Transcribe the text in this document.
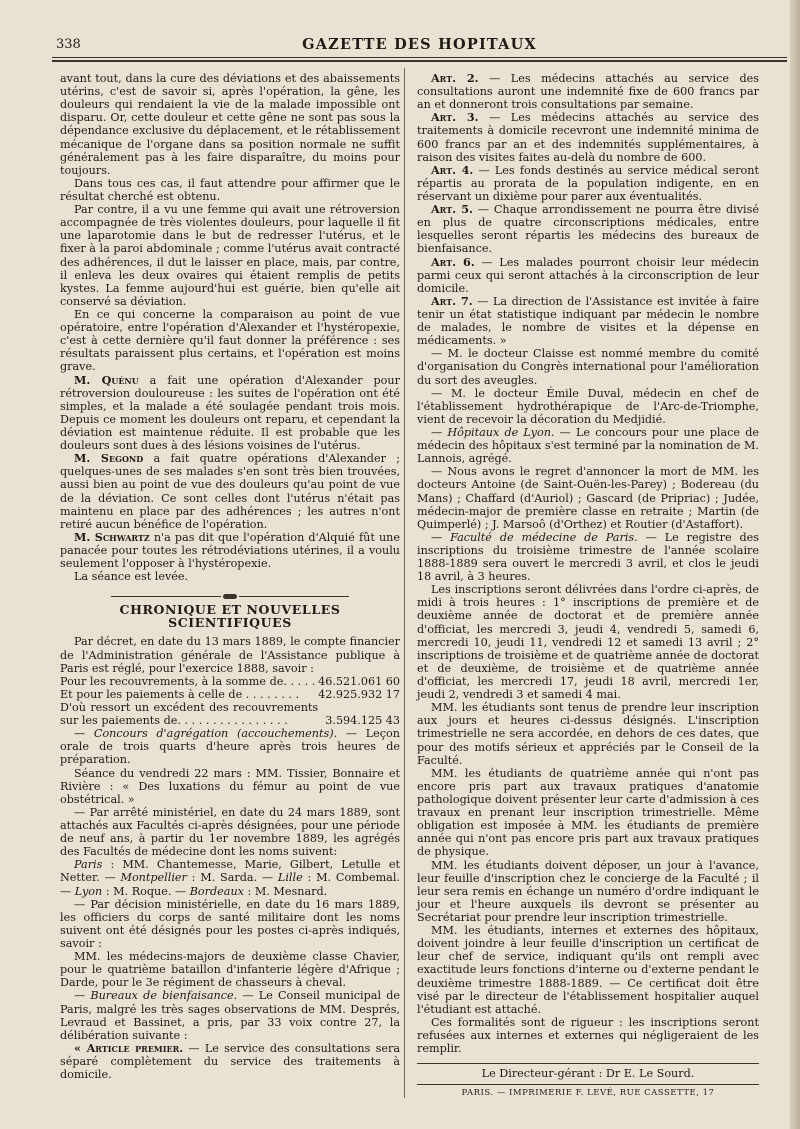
338	GAZETTE DES HOPITAUX

avant tout, dans la cure des déviations et des abaissements utérins, c'est de savoir si, après l'opération, la gêne, les douleurs qui rendaient la vie de la malade impossible ont disparu. Or, cette douleur et cette gêne ne sont pas sous la dépendance exclusive du déplacement, et le rétablissement mécanique de l'organe dans sa position normale ne suffit généralement pas à les faire disparaître, du moins pour toujours.

Dans tous ces cas, il faut attendre pour affirmer que le résultat cherché est obtenu.

Par contre, il a vu une femme qui avait une rétroversion accompagnée de très violentes douleurs, pour laquelle il fit une laparotomie dans le but de redresser l'utérus, et le fixer à la paroi abdominale ; comme l'utérus avait contracté des adhérences, il dut le laisser en place, mais, par contre, il enleva les deux ovaires qui étaient remplis de petits kystes. La femme aujourd'hui est guérie, bien qu'elle ait conservé sa déviation.

En ce qui concerne la comparaison au point de vue opératoire, entre l'opération d'Alexander et l'hystéropexie, c'est à cette dernière qu'il faut donner la préférence : ses résultats paraissent plus certains, et l'opération est moins grave.

M. Quénu a fait une opération d'Alexander pour rétroversion douloureuse : les suites de l'opération ont été simples, et la malade a été soulagée pendant trois mois. Depuis ce moment les douleurs ont reparu, et cependant la déviation est maintenue réduite. Il est probable que les douleurs sont dues à des lésions voisines de l'utérus.

M. Segond a fait quatre opérations d'Alexander ; quelques-unes de ses malades s'en sont très bien trouvées, aussi bien au point de vue des douleurs qu'au point de vue de la déviation. Ce sont celles dont l'utérus n'était pas maintenu en place par des adhérences ; les autres n'ont retiré aucun bénéfice de l'opération.

M. Schwartz n'a pas dit que l'opération d'Alquié fût une panacée pour toutes les rétrodéviations utérines, il a voulu seulement l'opposer à l'hystéropexie.

La séance est levée.

CHRONIQUE ET NOUVELLES SCIENTIFIQUES

Par décret, en date du 13 mars 1889, le compte financier de l'Administration générale de l'Assistance publique à Paris est réglé, pour l'exercice 1888, savoir :

Pour les recouvrements, à la somme de. . . . .	46.521.061 60
Et pour les paiements à celle de . . . . . . . .	42.925.932 17
D'où ressort un excédent des recouvrements sur les paiements de. . . . . . . . . . . . . . . .	3.594.125 43

— Concours d'agrégation (accouchements). — Leçon orale de trois quarts d'heure après trois heures de préparation.

Séance du vendredi 22 mars : MM. Tissier, Bonnaire et Rivière : « Des luxations du fémur au point de vue obstétrical. »

— Par arrêté ministériel, en date du 24 mars 1889, sont attachés aux Facultés ci-après désignées, pour une période de neuf ans, à partir du 1er novembre 1889, les agrégés des Facultés de médecine dont les noms suivent:

Paris : MM. Chantemesse, Marie, Gilbert, Letulle et Netter. — Montpellier : M. Sarda. — Lille : M. Combemal. — Lyon : M. Roque. — Bordeaux : M. Mesnard.

— Par décision ministérielle, en date du 16 mars 1889, les officiers du corps de santé militaire dont les noms suivent ont été désignés pour les postes ci-après indiqués, savoir :

MM. les médecins-majors de deuxième classe Chavier, pour le quatrième bataillon d'infanterie légère d'Afrique ; Darde, pour le 3e régiment de chasseurs à cheval.

— Bureaux de bienfaisance. — Le Conseil municipal de Paris, malgré les très sages observations de MM. Després, Levraud et Bassinet, a pris, par 33 voix contre 27, la délibération suivante :

« Article premier. — Le service des consultations sera séparé complètement du service des traitements à domicile.

Art. 2. — Les médecins attachés au service des consultations auront une indemnité fixe de 600 francs par an et donneront trois consultations par semaine.

Art. 3. — Les médecins attachés au service des traitements à domicile recevront une indemnité minima de 600 francs par an et des indemnités supplémentaires, à raison des visites faites au-delà du nombre de 600.

Art. 4. — Les fonds destinés au service médical seront répartis au prorata de la population indigente, en en réservant un dixième pour parer aux éventualités.

Art. 5. — Chaque arrondissement ne pourra être divisé en plus de quatre circonscriptions médicales, entre lesquelles seront répartis les médecins des bureaux de bienfaisance.

Art. 6. — Les malades pourront choisir leur médecin parmi ceux qui seront attachés à la circonscription de leur domicile.

Art. 7. — La direction de l'Assistance est invitée à faire tenir un état statistique indiquant par médecin le nombre de malades, le nombre de visites et la dépense en médicaments. »

— M. le docteur Claisse est nommé membre du comité d'organisation du Congrès international pour l'amélioration du sort des aveugles.

— M. le docteur Émile Duval, médecin en chef de l'établissement hydrothérapique de l'Arc-de-Triomphe, vient de recevoir la décoration du Medjidié.

— Hôpitaux de Lyon. — Le concours pour une place de médecin des hôpitaux s'est terminé par la nomination de M. Lannois, agrégé.

— Nous avons le regret d'annoncer la mort de MM. les docteurs Antoine (de Saint-Ouën-les-Parey) ; Bodereau (du Mans) ; Chaffard (d'Auriol) ; Gascard (de Pripriac) ; Judée, médecin-major de première classe en retraite ; Martin (de Quimperlé) ; J. Marsoô (d'Orthez) et Routier (d'Astaffort).

— Faculté de médecine de Paris. — Le registre des inscriptions du troisième trimestre de l'année scolaire 1888-1889 sera ouvert le mercredi 3 avril, et clos le jeudi 18 avril, à 3 heures.

Les inscriptions seront délivrées dans l'ordre ci-après, de midi à trois heures : 1° inscriptions de première et de deuxième année de doctorat et de première année d'officiat, les mercredi 3, jeudi 4, vendredi 5, samedi 6, mercredi 10, jeudi 11, vendredi 12 et samedi 13 avril ; 2° inscriptions de troisième et de quatrième année de doctorat et de deuxième, de troisième et de quatrième année d'officiat, les mercredi 17, jeudi 18 avril, mercredi 1er, jeudi 2, vendredi 3 et samedi 4 mai.

MM. les étudiants sont tenus de prendre leur inscription aux jours et heures ci-dessus désignés. L'inscription trimestrielle ne sera accordée, en dehors de ces dates, que pour des motifs sérieux et appréciés par le Conseil de la Faculté.

MM. les étudiants de quatrième année qui n'ont pas encore pris part aux travaux pratiques d'anatomie pathologique doivent présenter leur carte d'admission à ces travaux en prenant leur inscription trimestrielle. Même obligation est imposée à MM. les étudiants de première année qui n'ont pas encore pris part aux travaux pratiques de physique.

MM. les étudiants doivent déposer, un jour à l'avance, leur feuille d'inscription chez le concierge de la Faculté ; il leur sera remis en échange un numéro d'ordre indiquant le jour et l'heure auxquels ils devront se présenter au Secrétariat pour prendre leur inscription trimestrielle.

MM. les étudiants, internes et externes des hôpitaux, doivent joindre à leur feuille d'inscription un certificat de leur chef de service, indiquant qu'ils ont rempli avec exactitude leurs fonctions d'interne ou d'externe pendant le deuxième trimestre 1888-1889. — Ce certificat doit être visé par le directeur de l'établissement hospitalier auquel l'étudiant est attaché.

Ces formalités sont de rigueur : les inscriptions seront refusées aux internes et externes qui négligeraient de les remplir.

Le Directeur-gérant : Dr E. Le Sourd.
PARIS. — IMPRIMERIE F. LEVÉ, RUE CASSETTE, 17
